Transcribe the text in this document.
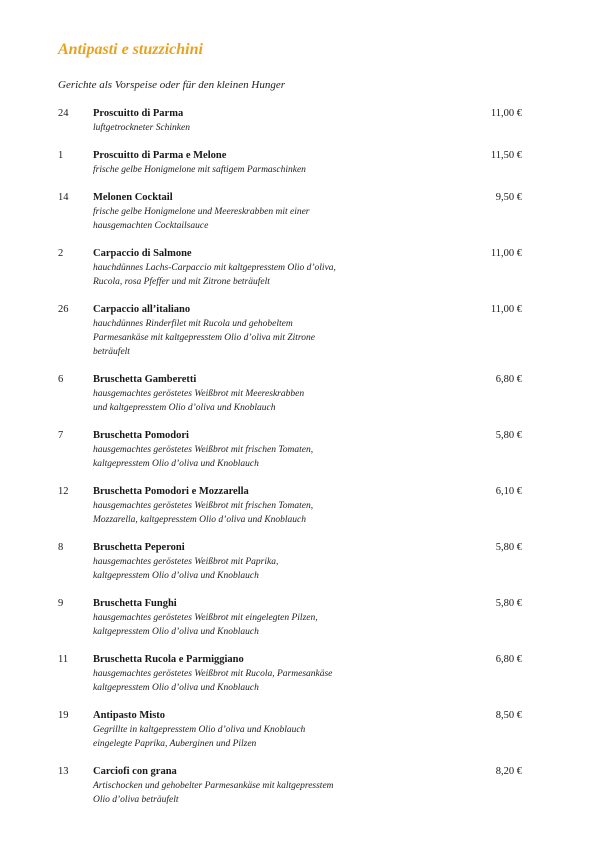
Antipasti e stuzzichini
Gerichte als Vorspeise oder für den kleinen Hunger
24 Proscuitto di Parma
luftgetrockneter Schinken
11,00 €
1	Proscuitto di Parma e Melone
frische gelbe Honigmelone mit saftigem Parmaschinken
11,50 €
14 Melonen Cocktail
frische gelbe Honigmelone und Meereskrabben mit einer
hausgemachten Cocktailsauce
9,50 €
2	Carpaccio di Salmone
hauchdünnes Lachs-Carpaccio mit kaltgepresstem Olio d’oliva,
Rucola, rosa Pfeffer und mit Zitrone beträufelt
11,00 €
26 Carpaccio all’italiano
hauchdünnes Rinderfilet mit Rucola und gehobeltem
Parmesankäse mit kaltgepresstem Olio d’oliva mit Zitrone
beträufelt
11,00 €
6	Bruschetta Gamberetti
hausgemachtes geröstetes Weißbrot mit Meereskrabben
und kaltgepresstem Olio d’oliva und Knoblauch
6,80 €
7	Bruschetta Pomodori
hausgemachtes geröstetes Weißbrot mit frischen Tomaten,
kaltgepresstem Olio d’oliva und Knoblauch
5,80 €
12 Bruschetta Pomodori e Mozzarella
hausgemachtes geröstetes Weißbrot mit frischen Tomaten,
Mozzarella, kaltgepresstem Olio d’oliva und Knoblauch
6,10 €
8	Bruschetta Peperoni
hausgemachtes geröstetes Weißbrot mit Paprika,
kaltgepresstem Olio d’oliva und Knoblauch
5,80 €
9	Bruschetta Funghi
hausgemachtes geröstetes Weißbrot mit eingelegten Pilzen,
kaltgepresstem Olio d’oliva und Knoblauch
5,80 €
11 Bruschetta Rucola e Parmiggiano
hausgemachtes geröstetes Weißbrot mit Rucola, Parmesankäse
kaltgepresstem Olio d’oliva und Knoblauch
6,80 €
19 Antipasto Misto
Gegrillte in kaltgepresstem Olio d’oliva und Knoblauch
eingelegte Paprika, Auberginen und Pilzen
8,50 €
13 Carciofi con grana
Artischocken und gehobelter Parmesankäse mit kaltgepresstem
Olio d’oliva beträufelt
8,20 €
